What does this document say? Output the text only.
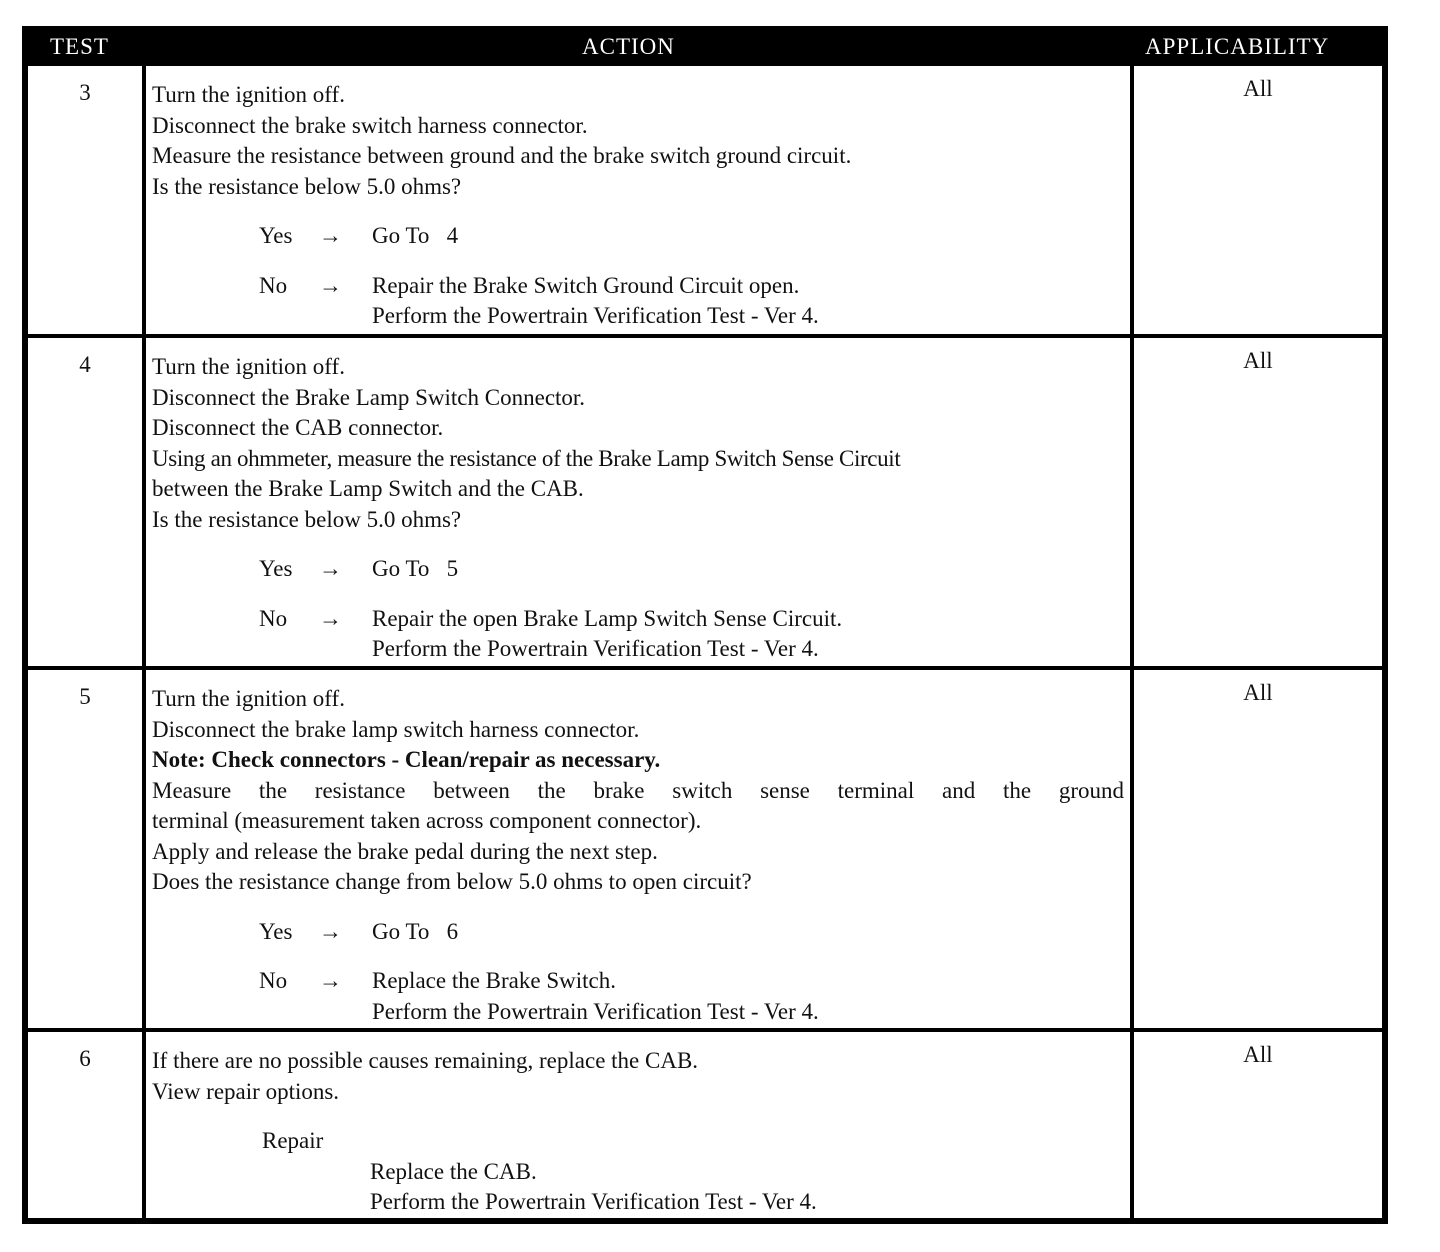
TEST	ACTION	APPLICABILITY
3	Turn the ignition off.
Disconnect the brake switch harness connector.
Measure the resistance between ground and the brake switch ground circuit.
Is the resistance below 5.0 ohms?
Yes	→	Go To   4
No	→	Repair the Brake Switch Ground Circuit open.
Perform the Powertrain Verification Test - Ver 4.
All
4	Turn the ignition off.
Disconnect the Brake Lamp Switch Connector.
Disconnect the CAB connector.
Using an ohmmeter, measure the resistance of the Brake Lamp Switch Sense Circuit
between the Brake Lamp Switch and the CAB.
Is the resistance below 5.0 ohms?
Yes	→	Go To   5
No	→	Repair the open Brake Lamp Switch Sense Circuit.
Perform the Powertrain Verification Test - Ver 4.
All
5	Turn the ignition off.
Disconnect the brake lamp switch harness connector.
Note: Check connectors - Clean/repair as necessary.
Measure the resistance between the brake switch sense terminal and the ground
terminal (measurement taken across component connector).
Apply and release the brake pedal during the next step.
Does the resistance change from below 5.0 ohms to open circuit?
Yes	→	Go To   6
No	→	Replace the Brake Switch.
Perform the Powertrain Verification Test - Ver 4.
All
6	If there are no possible causes remaining, replace the CAB.
View repair options.
Repair
Replace the CAB.
Perform the Powertrain Verification Test - Ver 4.
All
